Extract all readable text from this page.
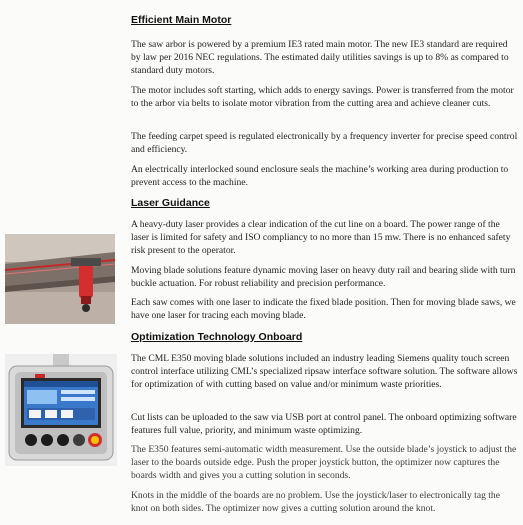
Efficient Main Motor
The saw arbor is powered by a premium IE3 rated main motor. The new IE3 standard are required by law per 2016 NEC regulations. The estimated daily utilities savings is up to 8% as compared to standard duty motors.
The motor includes soft starting, which adds to energy savings. Power is transferred from the motor to the arbor via belts to isolate motor vibration from the cutting area and achieve cleaner cuts.
The feeding carpet speed is regulated electronically by a frequency inverter for precise speed control and efficiency.
An electrically interlocked sound enclosure seals the machine’s working area during production to prevent access to the machine.
Laser Guidance
A heavy-duty laser provides a clear indication of the cut line on a board. The power range of the laser is limited for safety and ISO compliancy to no more than 15 mw. There is no enhanced safety risk present to the operator.
Moving blade solutions feature dynamic moving laser on heavy duty rail and bearing slide with turn buckle actuation. For robust reliability and precision performance.
Each saw comes with one laser to indicate the fixed blade position. Then for moving blade saws, we have one laser for tracing each moving blade.
Optimization Technology Onboard
The CML E350 moving blade solutions included an industry leading Siemens quality touch screen control interface utilizing CML’s specialized ripsaw interface software solution. The software allows for optimization of with cutting based on value and/or minimum waste priorities.
Cut lists can be uploaded to the saw via USB port at control panel. The onboard optimizing software features full value, priority, and minimum waste optimizing.
The E350 features semi-automatic width measurement. Use the outside blade’s joystick to adjust the laser to the boards outside edge. Push the proper joystick button, the optimizer now captures the boards width and gives you a cutting solution in seconds.
Knots in the middle of the boards are no problem. Use the joystick/laser to electronically tag the knot on both sides. The optimizer now gives a cutting solution around the knot.
